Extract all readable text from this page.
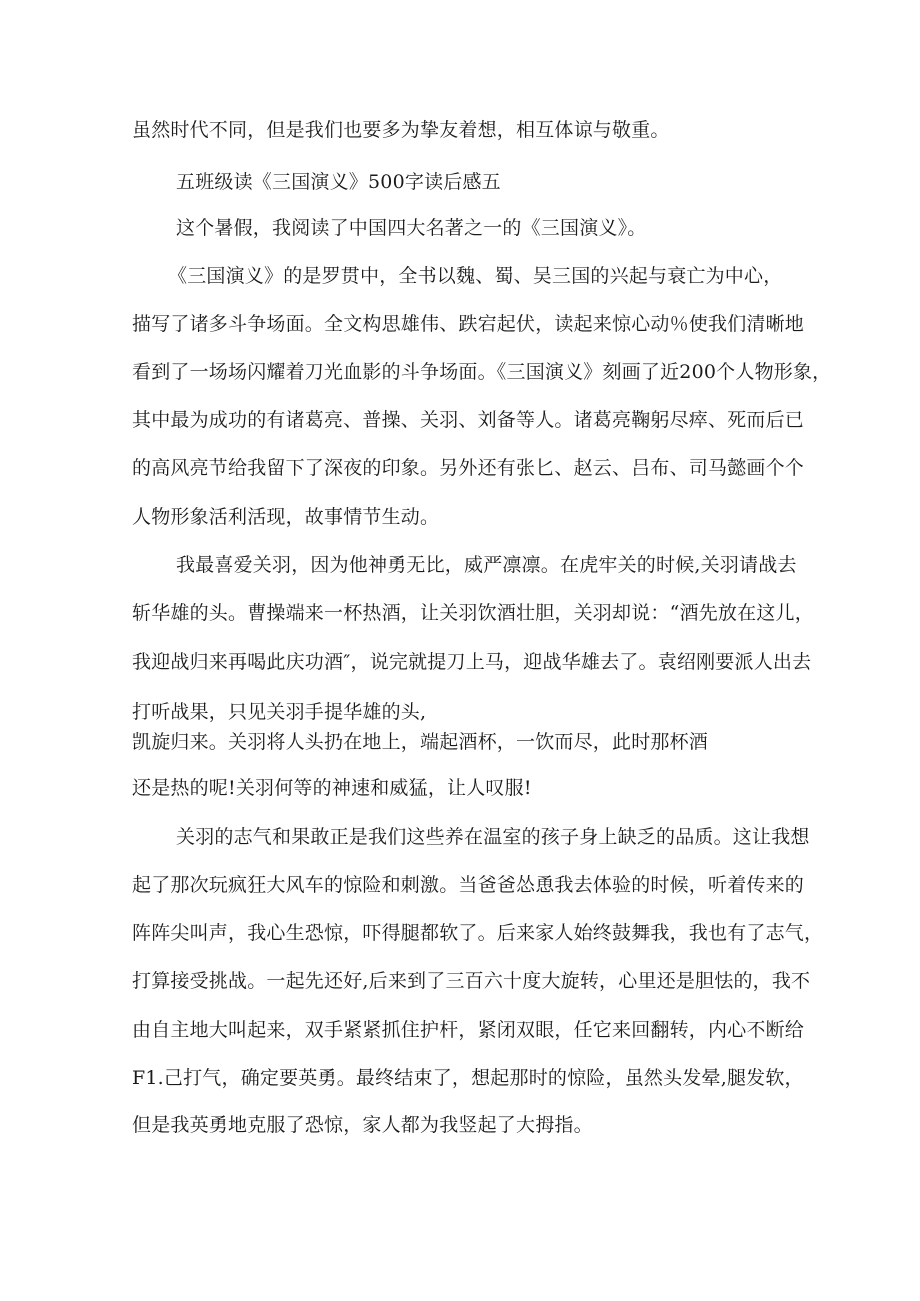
虽然时代不同，但是我们也要多为挚友着想，相互体谅与敬重。
五班级读《三国演义》500字读后感五
这个暑假，我阅读了中国四大名著之一的《三国演义》。
《三国演义》的是罗贯中，全书以魏、蜀、吴三国的兴起与衰亡为中心，
描写了诸多斗争场面。全文构思雄伟、跌宕起伏，读起来惊心动％使我们清晰地
看到了一场场闪耀着刀光血影的斗争场面。《三国演义》刻画了近200个人物形象，
其中最为成功的有诸葛亮、普操、关羽、刘备等人。诸葛亮鞠躬尽瘁、死而后已
的高风亮节给我留下了深夜的印象。另外还有张匕、赵云、吕布、司马懿画个个
人物形象活利活现，故事情节生动。
我最喜爱关羽，因为他神勇无比，威严凛凛。在虎牢关的时候,关羽请战去
斩华雄的头。曹操端来一杯热酒，让关羽饮酒壮胆，关羽却说：“酒先放在这儿，
我迎战归来再喝此庆功酒″，说完就提刀上马，迎战华雄去了。袁绍刚要派人出去
打听战果，只见关羽手提华雄的头,
凯旋归来。关羽将人头扔在地上，端起酒杯，一饮而尽，此时那杯酒
还是热的呢!关羽何等的神速和威猛，让人叹服!
关羽的志气和果敢正是我们这些养在温室的孩子身上缺乏的品质。这让我想
起了那次玩疯狂大风车的惊险和刺激。当爸爸怂恿我去体验的时候，听着传来的
阵阵尖叫声，我心生恐惊，吓得腿都软了。后来家人始终鼓舞我，我也有了志气，
打算接受挑战。一起先还好,后来到了三百六十度大旋转，心里还是胆怯的，我不
由自主地大叫起来，双手紧紧抓住护杆，紧闭双眼，任它来回翻转，内心不断给
F1.己打气，确定要英勇。最终结束了，想起那时的惊险，虽然头发晕,腿发软，
但是我英勇地克服了恐惊，家人都为我竖起了大拇指。
